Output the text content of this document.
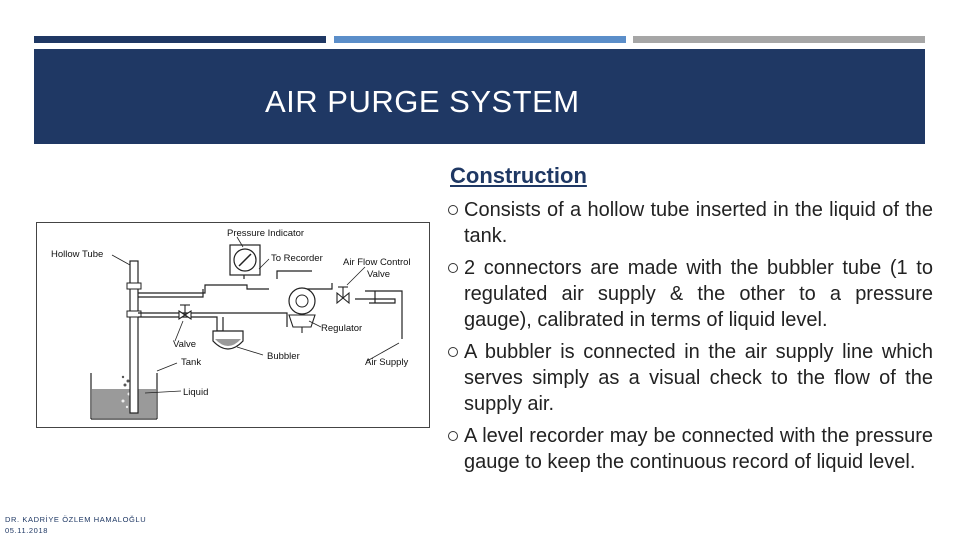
AIR PURGE SYSTEM
Construction
Consists of a hollow tube inserted in the liquid of the tank.
2 connectors are made with the bubbler tube (1 to regulated air supply & the other to a pressure gauge), calibrated in terms of liquid level.
A bubbler is connected in the air supply line which serves simply as a visual check to the flow of the supply air.
A level recorder may be connected with the pressure gauge to keep the continuous record of liquid level.
Hollow Tube
Pressure Indicator
To Recorder Air Flow Control
Valve
Valve
Regulator
Tank
Bubbler
Air Supply
Liquid
DR. KADRİYE ÖZLEM HAMALOĞLU
05.11.2018
